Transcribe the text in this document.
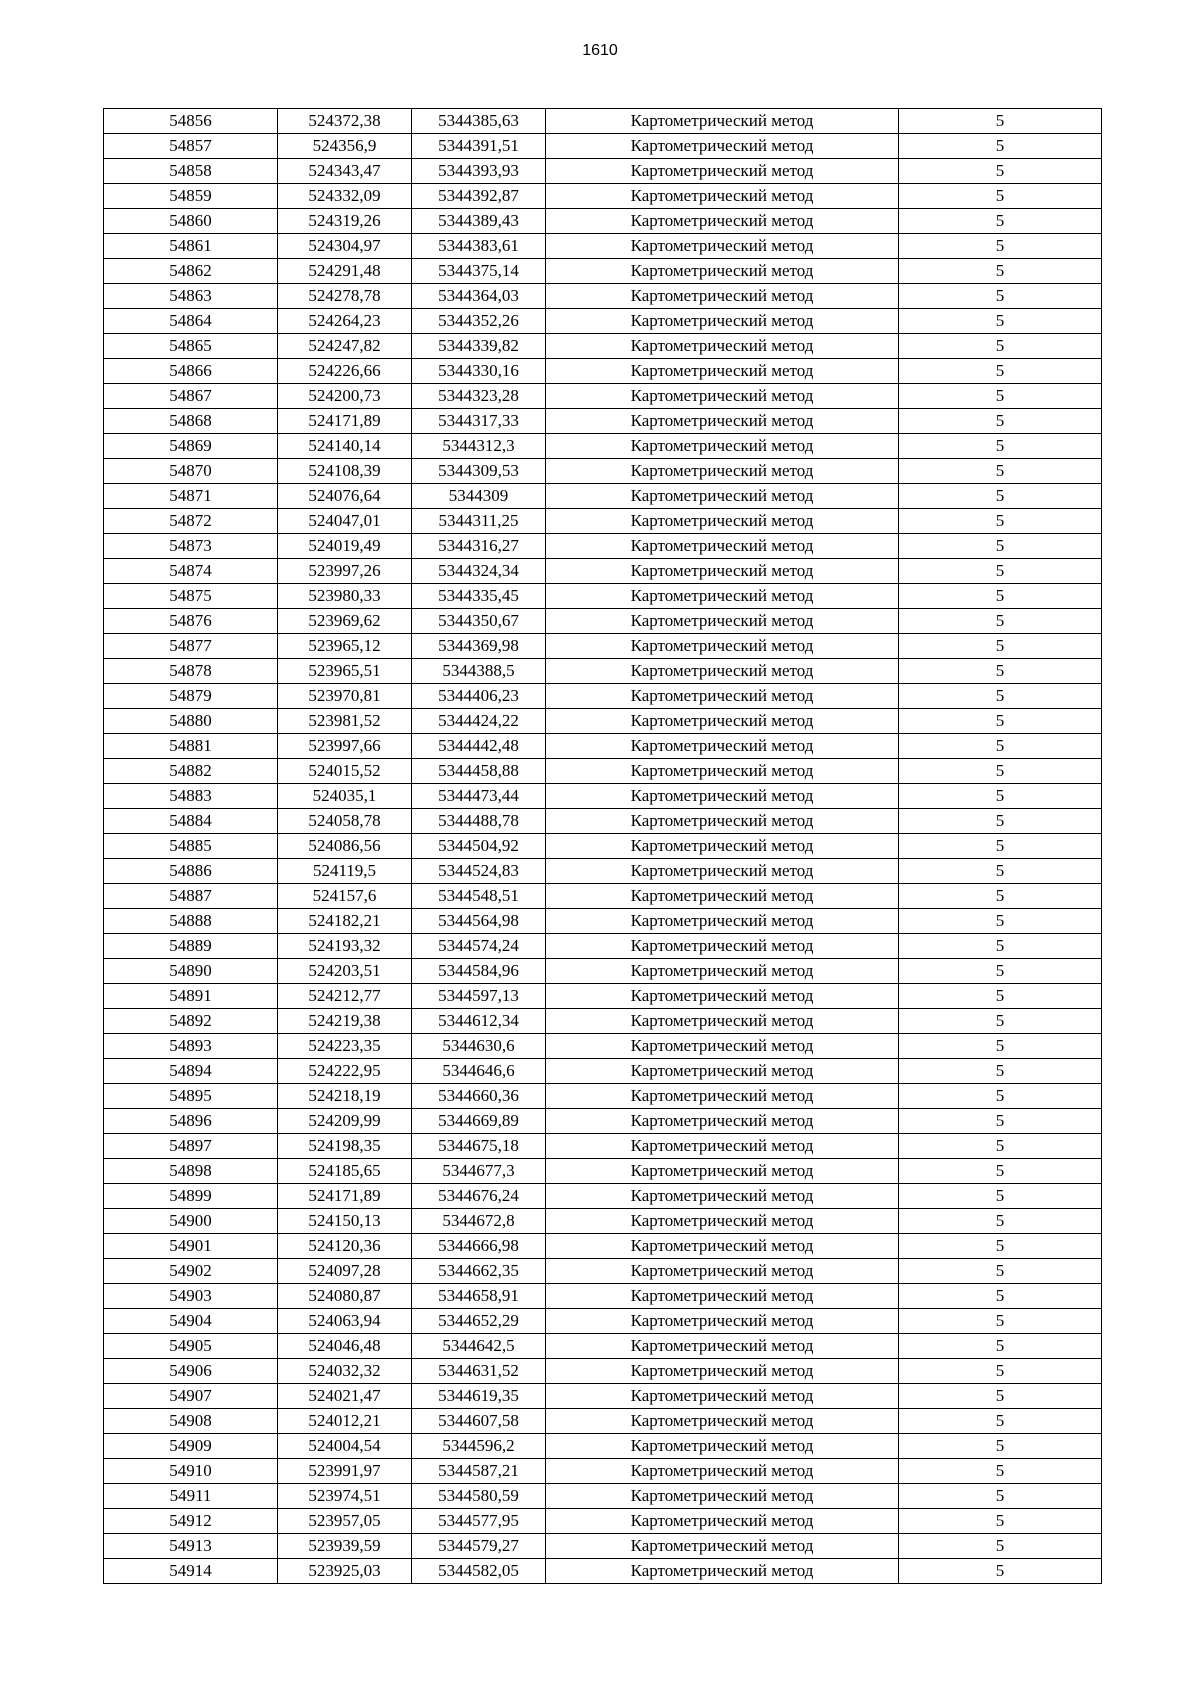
1610
54856	524372,38	5344385,63	Картометрический метод	5
54857	524356,9	5344391,51	Картометрический метод	5
54858	524343,47	5344393,93	Картометрический метод	5
54859	524332,09	5344392,87	Картометрический метод	5
54860	524319,26	5344389,43	Картометрический метод	5
54861	524304,97	5344383,61	Картометрический метод	5
54862	524291,48	5344375,14	Картометрический метод	5
54863	524278,78	5344364,03	Картометрический метод	5
54864	524264,23	5344352,26	Картометрический метод	5
54865	524247,82	5344339,82	Картометрический метод	5
54866	524226,66	5344330,16	Картометрический метод	5
54867	524200,73	5344323,28	Картометрический метод	5
54868	524171,89	5344317,33	Картометрический метод	5
54869	524140,14	5344312,3	Картометрический метод	5
54870	524108,39	5344309,53	Картометрический метод	5
54871	524076,64	5344309	Картометрический метод	5
54872	524047,01	5344311,25	Картометрический метод	5
54873	524019,49	5344316,27	Картометрический метод	5
54874	523997,26	5344324,34	Картометрический метод	5
54875	523980,33	5344335,45	Картометрический метод	5
54876	523969,62	5344350,67	Картометрический метод	5
54877	523965,12	5344369,98	Картометрический метод	5
54878	523965,51	5344388,5	Картометрический метод	5
54879	523970,81	5344406,23	Картометрический метод	5
54880	523981,52	5344424,22	Картометрический метод	5
54881	523997,66	5344442,48	Картометрический метод	5
54882	524015,52	5344458,88	Картометрический метод	5
54883	524035,1	5344473,44	Картометрический метод	5
54884	524058,78	5344488,78	Картометрический метод	5
54885	524086,56	5344504,92	Картометрический метод	5
54886	524119,5	5344524,83	Картометрический метод	5
54887	524157,6	5344548,51	Картометрический метод	5
54888	524182,21	5344564,98	Картометрический метод	5
54889	524193,32	5344574,24	Картометрический метод	5
54890	524203,51	5344584,96	Картометрический метод	5
54891	524212,77	5344597,13	Картометрический метод	5
54892	524219,38	5344612,34	Картометрический метод	5
54893	524223,35	5344630,6	Картометрический метод	5
54894	524222,95	5344646,6	Картометрический метод	5
54895	524218,19	5344660,36	Картометрический метод	5
54896	524209,99	5344669,89	Картометрический метод	5
54897	524198,35	5344675,18	Картометрический метод	5
54898	524185,65	5344677,3	Картометрический метод	5
54899	524171,89	5344676,24	Картометрический метод	5
54900	524150,13	5344672,8	Картометрический метод	5
54901	524120,36	5344666,98	Картометрический метод	5
54902	524097,28	5344662,35	Картометрический метод	5
54903	524080,87	5344658,91	Картометрический метод	5
54904	524063,94	5344652,29	Картометрический метод	5
54905	524046,48	5344642,5	Картометрический метод	5
54906	524032,32	5344631,52	Картометрический метод	5
54907	524021,47	5344619,35	Картометрический метод	5
54908	524012,21	5344607,58	Картометрический метод	5
54909	524004,54	5344596,2	Картометрический метод	5
54910	523991,97	5344587,21	Картометрический метод	5
54911	523974,51	5344580,59	Картометрический метод	5
54912	523957,05	5344577,95	Картометрический метод	5
54913	523939,59	5344579,27	Картометрический метод	5
54914	523925,03	5344582,05	Картометрический метод	5
